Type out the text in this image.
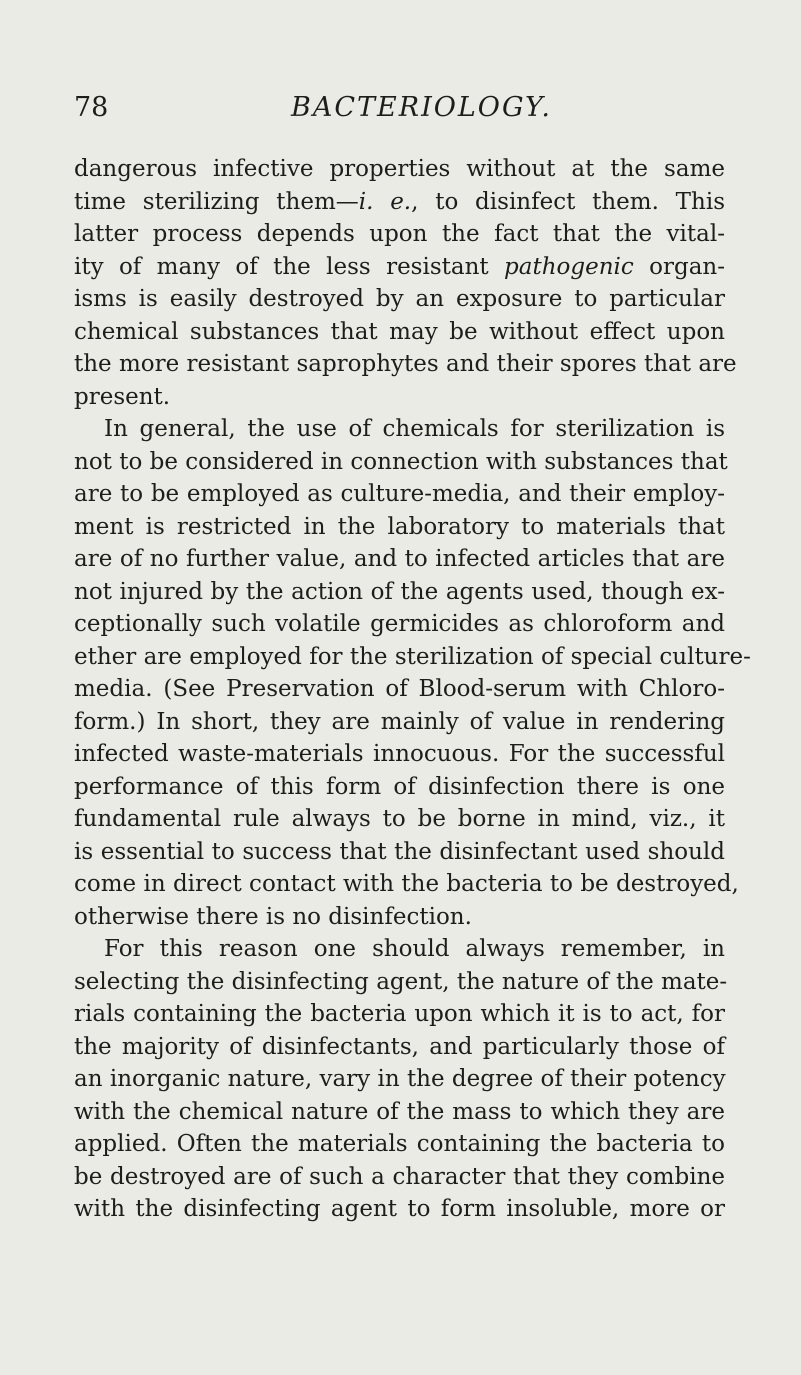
78	BACTERIOLOGY.
dangerous infective properties without at the same
time sterilizing them—i. e., to disinfect them. This
latter process depends upon the fact that the vital-
ity of many of the less resistant pathogenic organ-
isms is easily destroyed by an exposure to particular
chemical substances that may be without effect upon
the more resistant saprophytes and their spores that are
present.
In general, the use of chemicals for sterilization is
not to be considered in connection with substances that
are to be employed as culture-media, and their employ-
ment is restricted in the laboratory to materials that
are of no further value, and to infected articles that are
not injured by the action of the agents used, though ex-
ceptionally such volatile germicides as chloroform and
ether are employed for the sterilization of special culture-
media. (See Preservation of Blood-serum with Chloro-
form.) In short, they are mainly of value in rendering
infected waste-materials innocuous. For the successful
performance of this form of disinfection there is one
fundamental rule always to be borne in mind, viz., it
is essential to success that the disinfectant used should
come in direct contact with the bacteria to be destroyed,
otherwise there is no disinfection.
For this reason one should always remember, in
selecting the disinfecting agent, the nature of the mate-
rials containing the bacteria upon which it is to act, for
the majority of disinfectants, and particularly those of
an inorganic nature, vary in the degree of their potency
with the chemical nature of the mass to which they are
applied. Often the materials containing the bacteria to
be destroyed are of such a character that they combine
with the disinfecting agent to form insoluble, more or
